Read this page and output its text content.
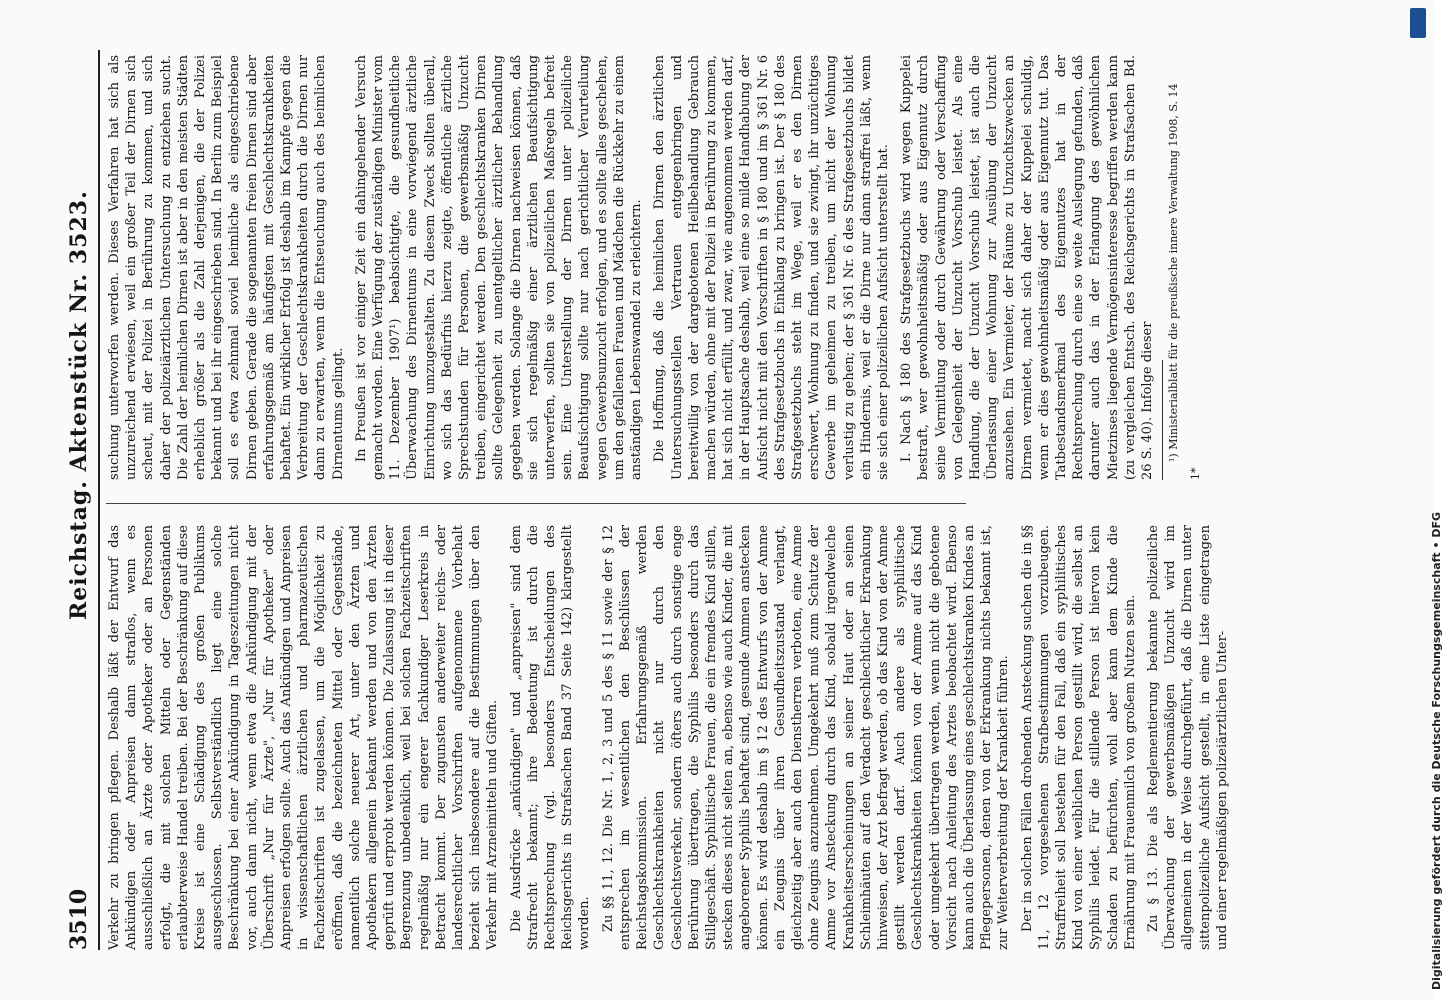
3510
Reichstag. Aktenstück Nr. 3523.

Verkehr zu bringen pflegen. Deshalb läßt der Entwurf das Ankündigen oder Anpreisen dann straflos, wenn es ausschließlich an Ärzte oder Apotheker oder an Personen erfolgt, die mit solchen Mitteln oder Gegenständen erlaubterweise Handel treiben. Bei der Beschränkung auf diese Kreise ist eine Schädigung des großen Publikums ausgeschlossen. Selbstverständlich liegt eine solche Beschränkung bei einer Ankündigung in Tageszeitungen nicht vor, auch dann nicht, wenn etwa die Ankündigung mit der Überschrift „Nur für Ärzte", „Nur für Apotheker" oder Anpreisen erfolgen sollte. Auch das Ankündigen und Anpreisen in wissenschaftlichen ärztlichen und pharmazeutischen Fachzeitschriften ist zugelassen, um die Möglichkeit zu eröffnen, daß die bezeichneten Mittel oder Gegenstände, namentlich solche neuerer Art, unter den Ärzten und Apothekern allgemein bekannt werden und von den Ärzten geprüft und erprobt werden können. Die Zulassung ist in dieser Begrenzung unbedenklich, weil bei solchen Fachzeitschriften regelmäßig nur ein engerer fachkundiger Leserkreis in Betracht kommt. Der zugunsten anderweiter reichs- oder landesrechtlicher Vorschriften aufgenommene Vorbehalt bezieht sich insbesondere auf die Bestimmungen über den Verkehr mit Arzneimitteln und Giften. Die Ausdrücke „ankündigen" und „anpreisen" sind dem Strafrecht bekannt; ihre Bedeutung ist durch die Rechtsprechung (vgl. besonders Entscheidungen des Reichsgerichts in Strafsachen Band 37 Seite 142) klargestellt worden. Zu §§ 11, 12. Die Nr. 1, 2, 3 und 5 des § 11 sowie der § 12 entsprechen im wesentlichen den Beschlüssen der Reichstagskommission. Erfahrungsgemäß werden Geschlechtskrankheiten nicht nur durch den Geschlechtsverkehr, sondern öfters auch durch sonstige enge Berührung übertragen, die Syphilis besonders durch das Stillgeschäft. Syphilitische Frauen, die ein fremdes Kind stillen, stecken dieses nicht selten an, ebenso wie auch Kinder, die mit angeborener Syphilis behaftet sind, gesunde Ammen anstecken können. Es wird deshalb im § 12 des Entwurfs von der Amme ein Zeugnis über ihren Gesundheitszustand verlangt, gleichzeitig aber auch den Dienstherren verboten, eine Amme ohne Zeugnis anzunehmen. Umgekehrt muß zum Schutze der Amme vor Ansteckung durch das Kind, sobald irgendwelche Krankheitserscheinungen an seiner Haut oder an seinen Schleimhäuten auf den Verdacht geschlechtlicher Erkrankung hinweisen, der Arzt befragt werden, ob das Kind von der Amme gestillt werden darf. Auch andere als syphilitische Geschlechtskrankheiten können von der Amme auf das Kind oder umgekehrt übertragen werden, wenn nicht die gebotene Vorsicht nach Anleitung des Arztes beobachtet wird. Ebenso kann auch die Überlassung eines geschlechtskranken Kindes an Pflegepersonen, denen von der Erkrankung nichts bekannt ist, zur Weiterverbreitung der Krankheit führen. Der in solchen Fällen drohenden Ansteckung suchen die in §§ 11, 12 vorgesehenen Strafbestimmungen vorzubeugen. Straffreiheit soll bestehen für den Fall, daß ein syphilitisches Kind von einer weiblichen Person gestillt wird, die selbst an Syphilis leidet. Für die stillende Person ist hiervon kein Schaden zu befürchten, wohl aber kann dem Kinde die Ernährung mit Frauenmilch von großem Nutzen sein. Zu § 13. Die als Reglementierung bekannte polizeiliche Überwachung der gewerbsmäßigen Unzucht wird im allgemeinen in der Weise durchgeführt, daß die Dirnen unter sittenpolizeiliche Aufsicht gestellt, in eine Liste eingetragen und einer regelmäßigen polizeiärztlichen Unter-

suchung unterworfen werden. Dieses Verfahren hat sich als unzureichend erwiesen, weil ein großer Teil der Dirnen sich scheut, mit der Polizei in Berührung zu kommen, und sich daher der polizeiärztlichen Untersuchung zu entziehen sucht. Die Zahl der heimlichen Dirnen ist aber in den meisten Städten erheblich größer als die Zahl derjenigen, die der Polizei bekannt und bei ihr eingeschrieben sind. In Berlin zum Beispiel soll es etwa zehnmal soviel heimliche als eingeschriebene Dirnen geben. Gerade die sogenannten freien Dirnen sind aber erfahrungsgemäß am häufigsten mit Geschlechtskrankheiten behaftet. Ein wirklicher Erfolg ist deshalb im Kampfe gegen die Verbreitung der Geschlechtskrankheiten durch die Dirnen nur dann zu erwarten, wenn die Entseuchung auch des heimlichen Dirnentums gelingt. In Preußen ist vor einiger Zeit ein dahingehender Versuch gemacht worden. Eine Verfügung der zuständigen Minister vom 11. Dezember 1907¹) beabsichtigte, die gesundheitliche Überwachung des Dirnentums in eine vorwiegend ärztliche Einrichtung umzugestalten. Zu diesem Zweck sollten überall, wo sich das Bedürfnis hierzu zeigte, öffentliche ärztliche Sprechstunden für Personen, die gewerbsmäßig Unzucht treiben, eingerichtet werden. Den geschlechtskranken Dirnen sollte Gelegenheit zu unentgeltlicher ärztlicher Behandlung gegeben werden. Solange die Dirnen nachweisen können, daß sie sich regelmäßig einer ärztlichen Beaufsichtigung unterwerfen, sollten sie von polizeilichen Maßregeln befreit sein. Eine Unterstellung der Dirnen unter polizeiliche Beaufsichtigung sollte nur nach gerichtlicher Verurteilung wegen Gewerbsunzucht erfolgen, und es sollte alles geschehen, um den gefallenen Frauen und Mädchen die Rückkehr zu einem anständigen Lebenswandel zu erleichtern. Die Hoffnung, daß die heimlichen Dirnen den ärztlichen Untersuchungsstellen Vertrauen entgegenbringen und bereitwillig von der dargebotenen Heilbehandlung Gebrauch machen würden, ohne mit der Polizei in Berührung zu kommen, hat sich nicht erfüllt, und zwar, wie angenommen werden darf, in der Hauptsache deshalb, weil eine so milde Handhabung der Aufsicht nicht mit den Vorschriften in § 180 und im § 361 Nr. 6 des Strafgesetzbuchs in Einklang zu bringen ist. Der § 180 des Strafgesetzbuchs steht im Wege, weil er es den Dirnen erschwert, Wohnung zu finden, und sie zwingt, ihr unzüchtiges Gewerbe im geheimen zu treiben, um nicht der Wohnung verlustig zu gehen; der § 361 Nr. 6 des Strafgesetzbuchs bildet ein Hindernis, weil er die Dirne nur dann straffrei läßt, wenn sie sich einer polizeilichen Aufsicht unterstellt hat. I. Nach § 180 des Strafgesetzbuchs wird wegen Kuppelei bestraft, wer gewohnheitsmäßig oder aus Eigennutz durch seine Vermittlung oder durch Gewährung oder Verschaffung von Gelegenheit der Unzucht Vorschub leistet. Als eine Handlung, die der Unzucht Vorschub leistet, ist auch die Überlassung einer Wohnung zur Ausübung der Unzucht anzusehen. Ein Vermieter, der Räume zu Unzuchtszwecken an Dirnen vermietet, macht sich daher der Kuppelei schuldig, wenn er dies gewohnheitsmäßig oder aus Eigennutz tut. Das Tatbestandsmerkmal des Eigennutzes hat in der Rechtsprechung durch eine so weite Auslegung gefunden, daß darunter auch das in der Erlangung des gewöhnlichen Mietzinses liegende Vermögensinteresse begriffen werden kann (zu vergleichen Entsch. des Reichsgerichts in Strafsachen Bd. 26 S. 40). Infolge dieser ¹) Ministerialblatt für die preußische innere Verwaltung 1908, S. 14

1*
Digitalisierung gefördert durch die Deutsche Forschungsgemeinschaft • DFG
